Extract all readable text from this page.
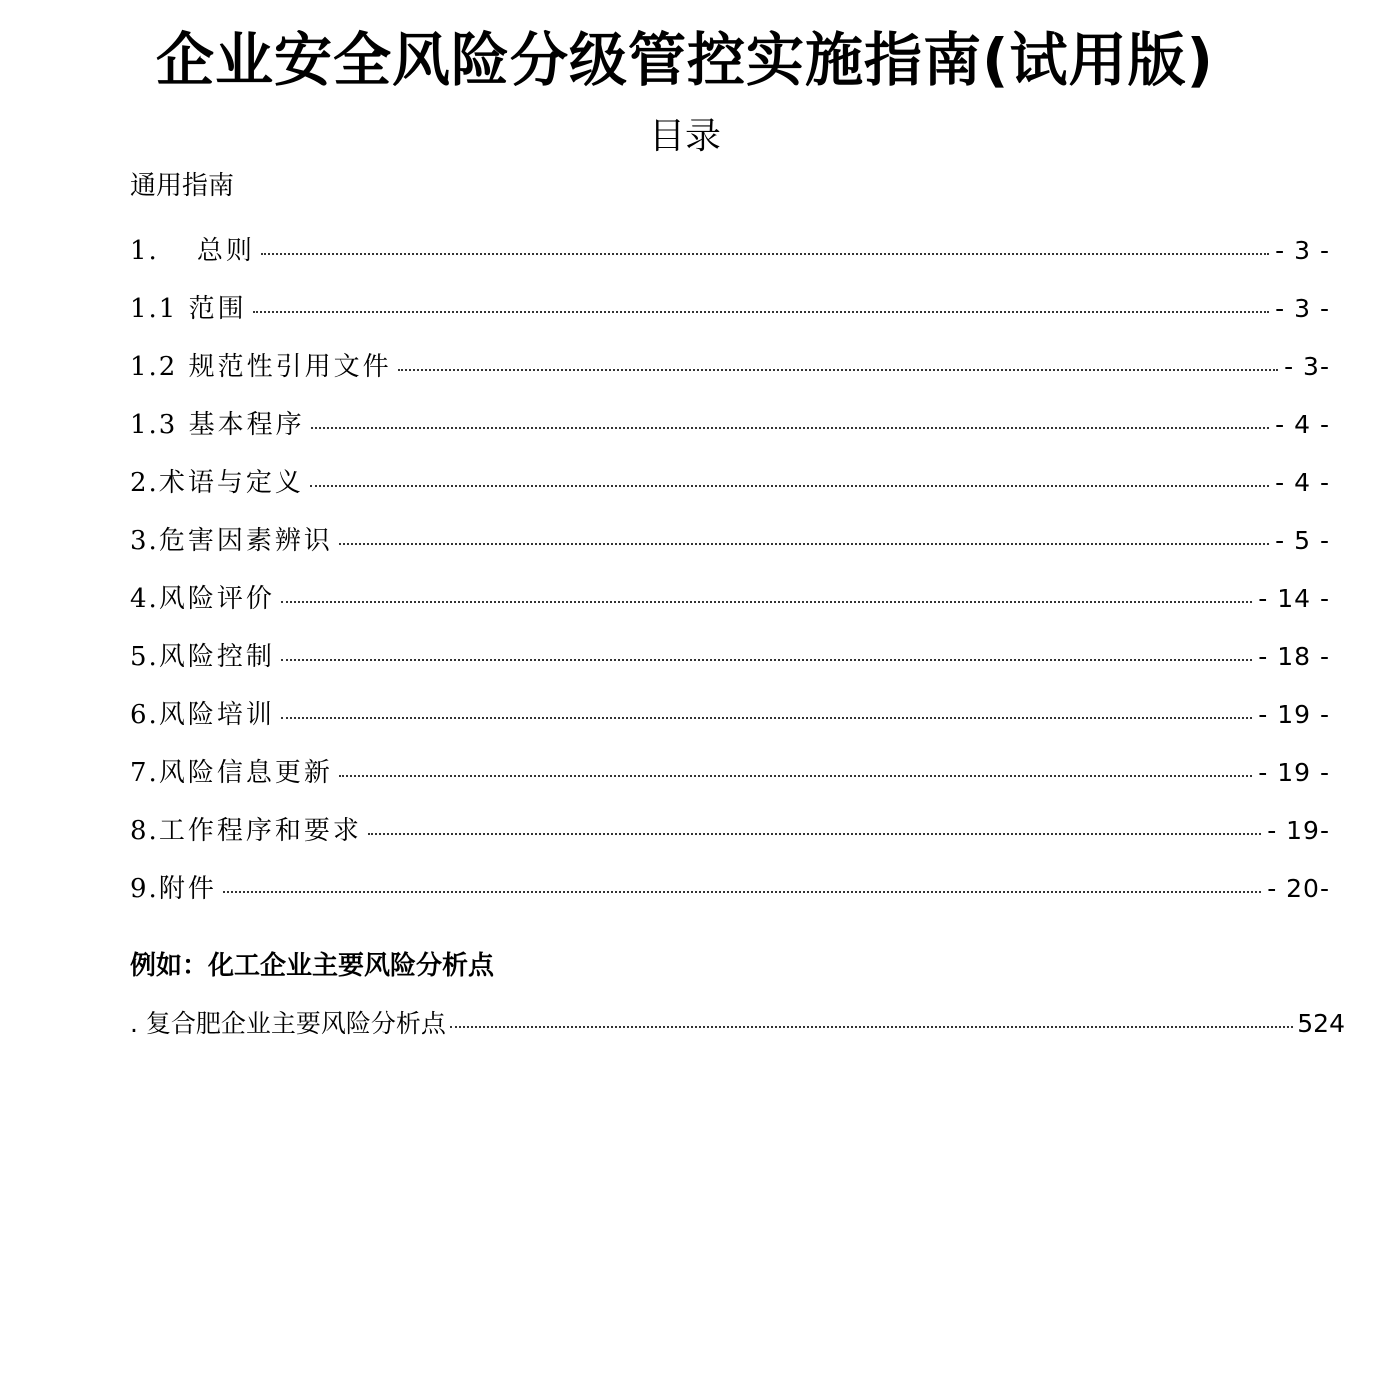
企业安全风险分级管控实施指南(试用版)
目录
通用指南
1. 总则	- 3 -
1.1 范围	- 3 -
1.2 规范性引用文件	- 3-
1.3 基本程序	- 4 -
2.术语与定义	- 4 -
3.危害因素辨识	- 5 -
4.风险评价	- 14 -
5.风险控制	- 18 -
6.风险培训	- 19 -
7.风险信息更新	- 19 -
8.工作程序和要求	- 19-
9.附件	- 20-
例如：化工企业主要风险分析点
. 复合肥企业主要风险分析点	524
